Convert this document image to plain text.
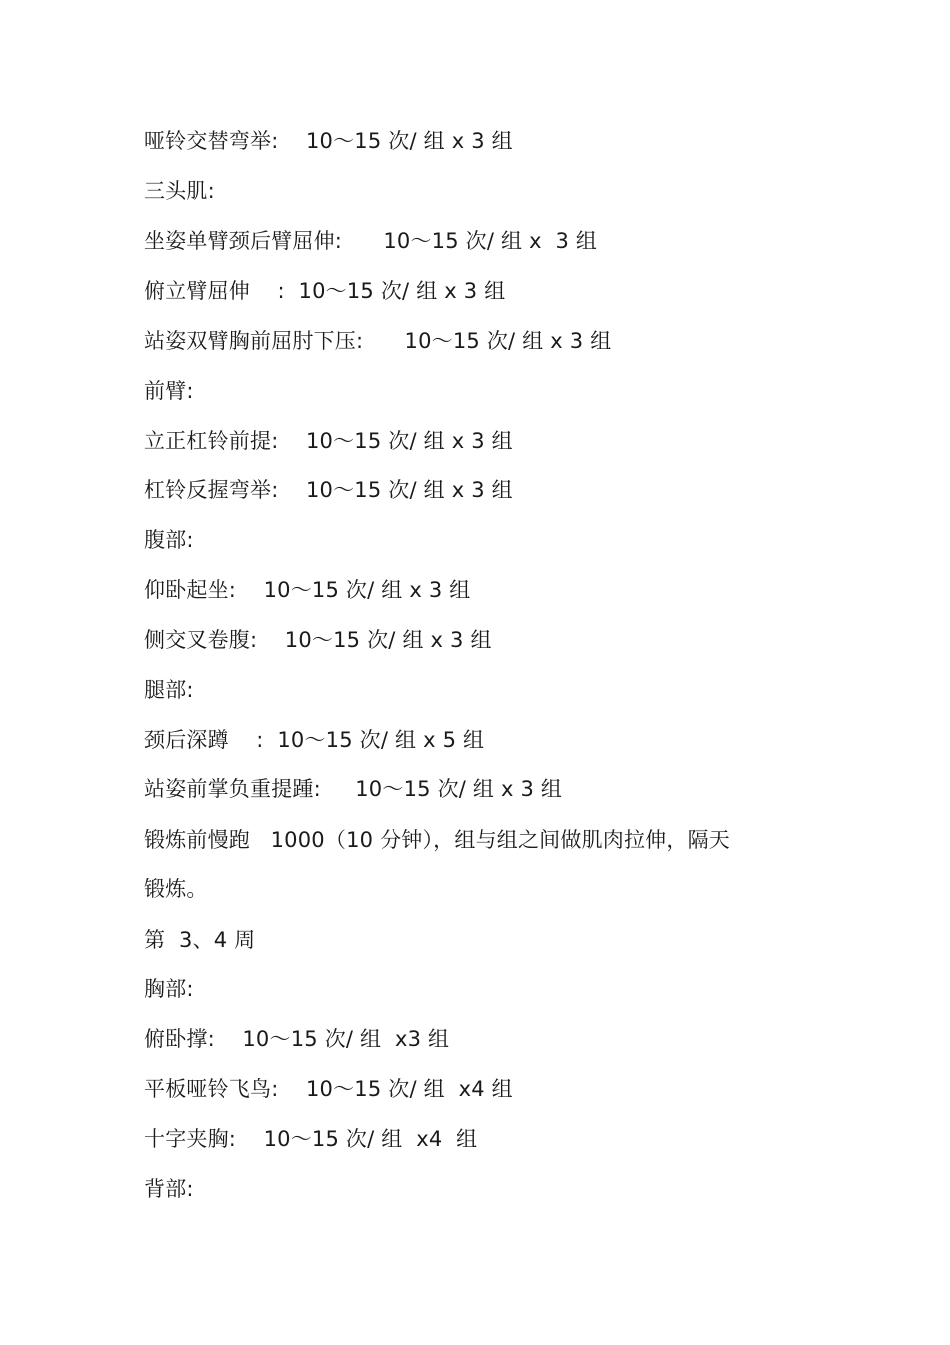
哑铃交替弯举:    10～15 次/ 组 x 3 组
三头肌:
坐姿单臂颈后臂屈伸:      10～15 次/ 组 x  3 组
俯立臂屈伸    :  10～15 次/ 组 x 3 组
站姿双臂胸前屈肘下压:      10～15 次/ 组 x 3 组
前臂:
立正杠铃前提:    10～15 次/ 组 x 3 组
杠铃反握弯举:    10～15 次/ 组 x 3 组
腹部:
仰卧起坐:    10～15 次/ 组 x 3 组
侧交叉卷腹:    10～15 次/ 组 x 3 组
腿部:
颈后深蹲    :  10～15 次/ 组 x 5 组
站姿前掌负重提踵:     10～15 次/ 组 x 3 组
锻炼前慢跑   1000（10 分钟），组与组之间做肌肉拉伸，隔天
锻炼。
第  3、4 周
胸部:
俯卧撑:    10～15 次/ 组  x3 组
平板哑铃飞鸟:    10～15 次/ 组  x4 组
十字夹胸:    10～15 次/ 组  x4  组
背部:
